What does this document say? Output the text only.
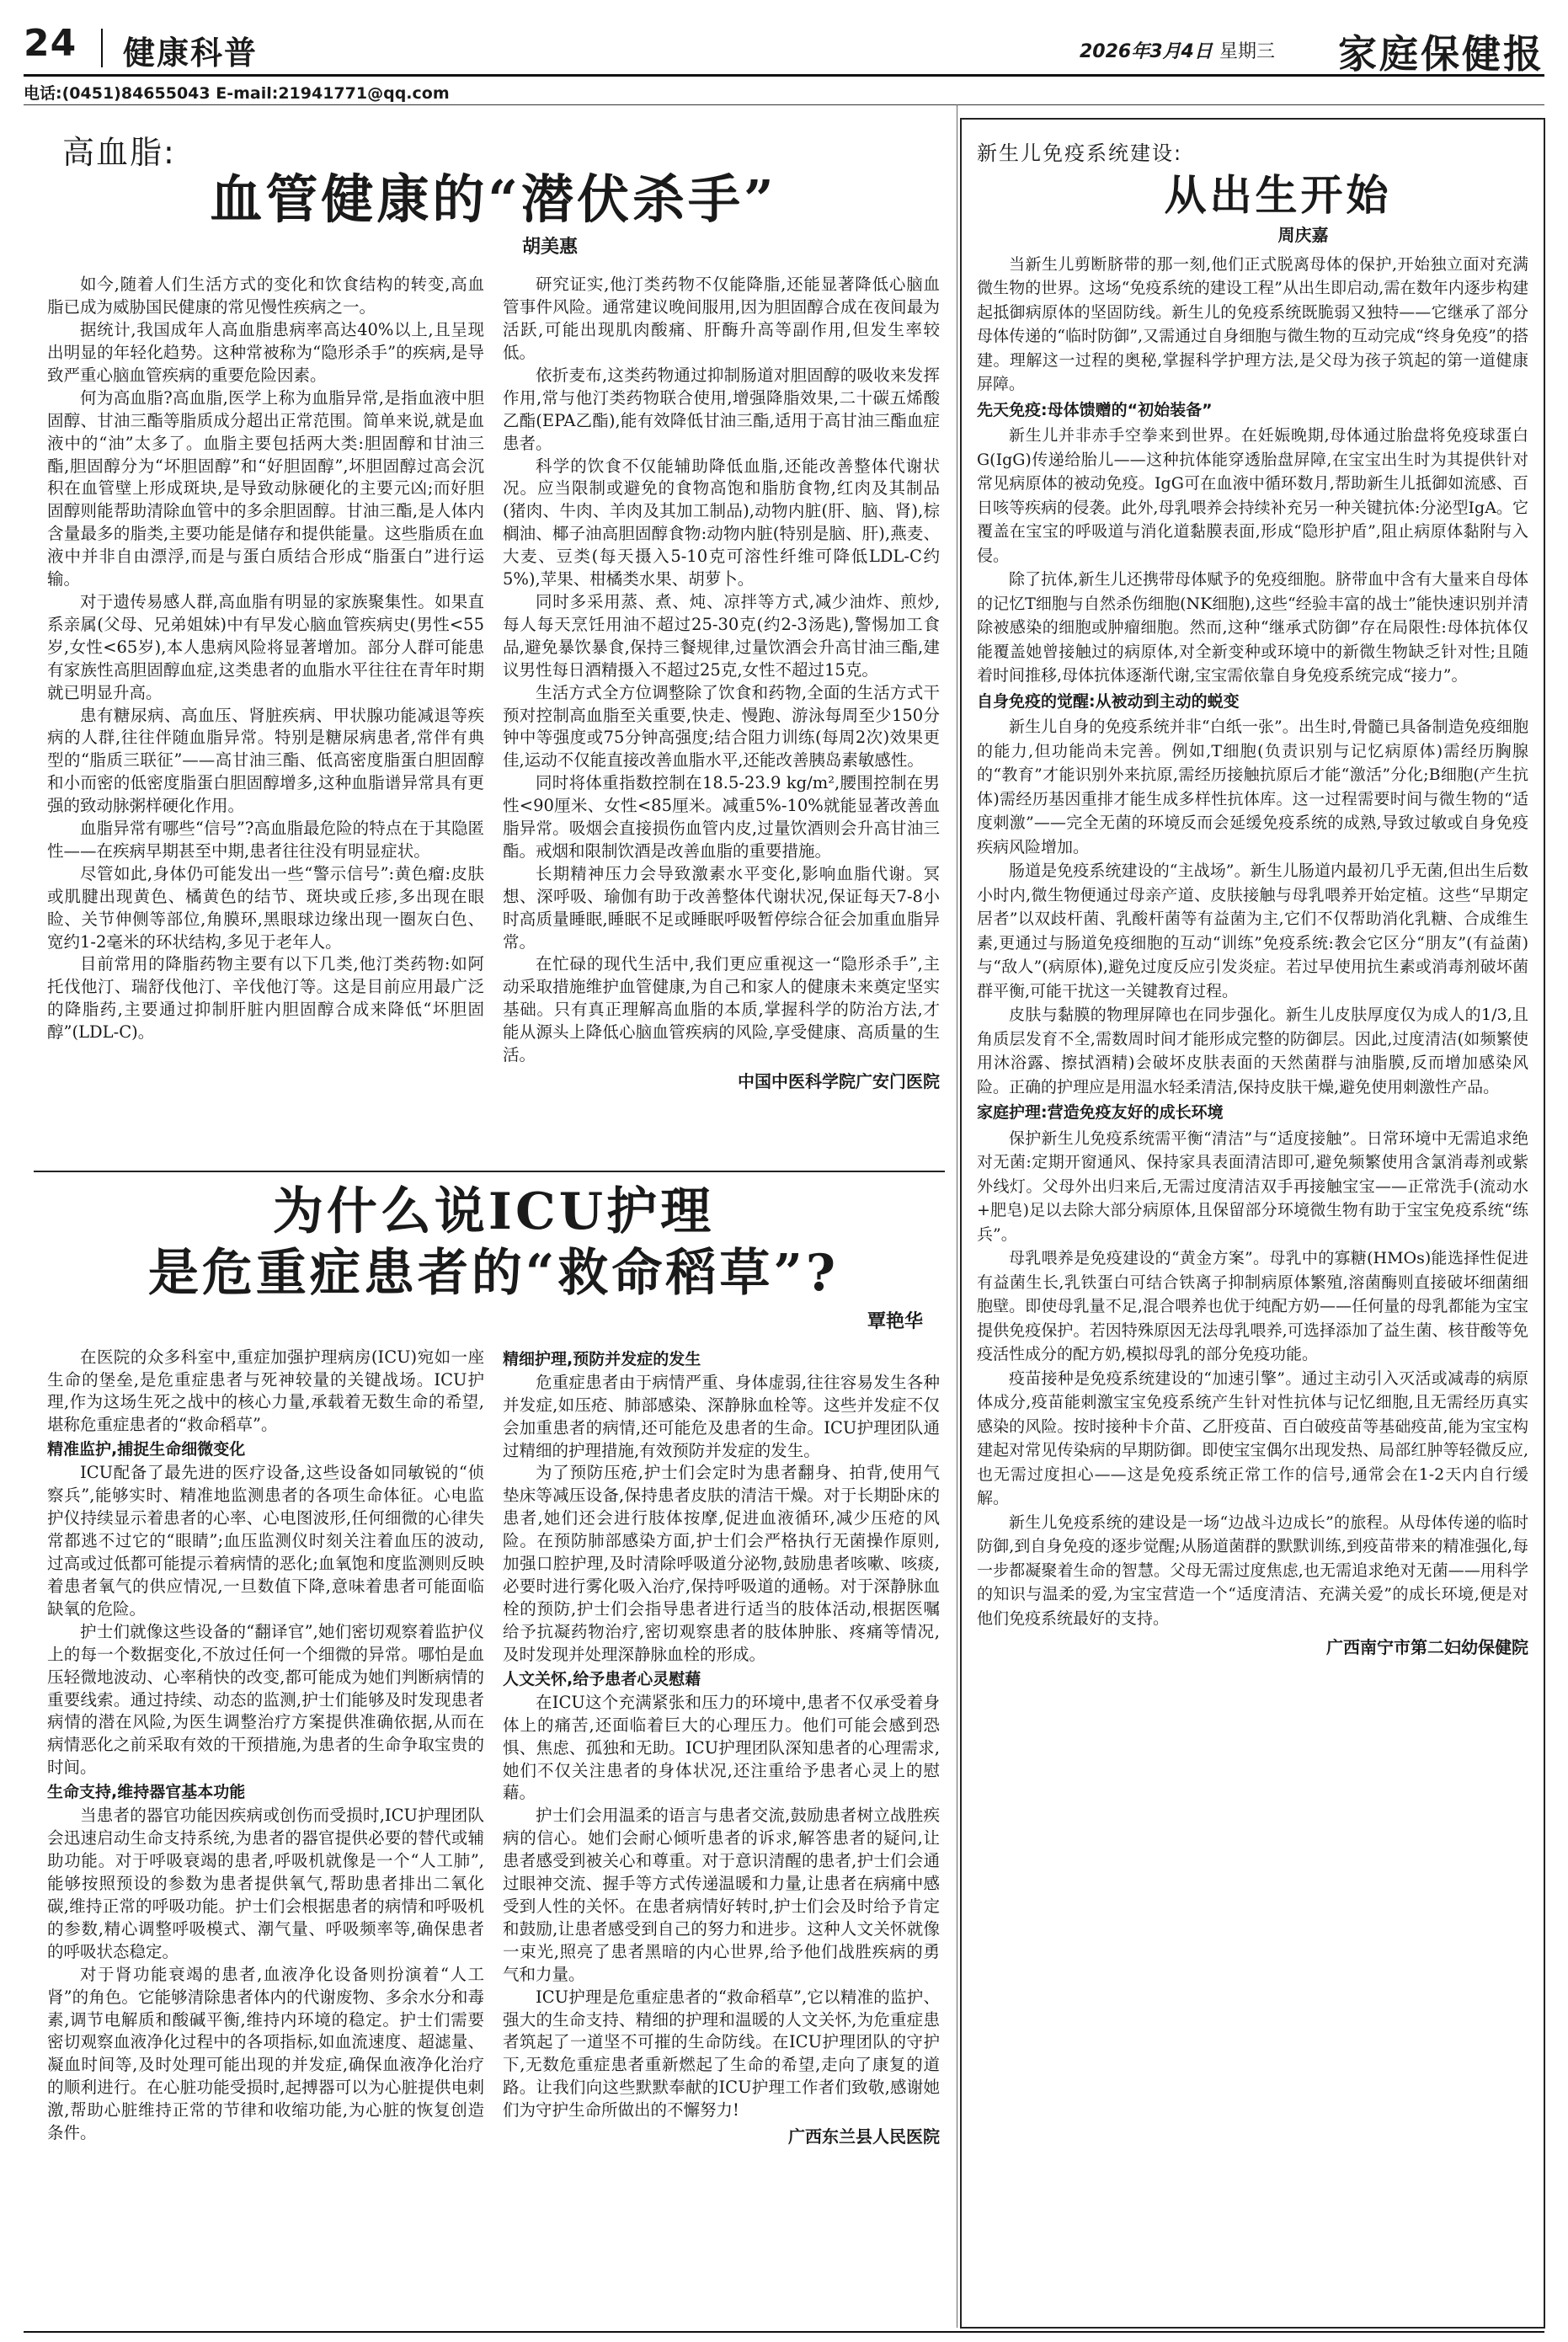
24 健康科普	2026年3月4日 星期三 家庭保健报
电话:(0451)84655043 E-mail:21941771@qq.com
高血脂:
血管健康的“潜伏杀手”
胡美惠

如今,随着人们生活方式的变化和饮食结构的转变,高血脂已成为威胁国民健康的常见慢性疾病之一。

据统计,我国成年人高血脂患病率高达40%以上,且呈现出明显的年轻化趋势。这种常被称为“隐形杀手”的疾病,是导致严重心脑血管疾病的重要危险因素。

何为高血脂?高血脂,医学上称为血脂异常,是指血液中胆固醇、甘油三酯等脂质成分超出正常范围。简单来说,就是血液中的“油”太多了。血脂主要包括两大类:胆固醇和甘油三酯,胆固醇分为“坏胆固醇”和“好胆固醇”,坏胆固醇过高会沉积在血管壁上形成斑块,是导致动脉硬化的主要元凶;而好胆固醇则能帮助清除血管中的多余胆固醇。甘油三酯,是人体内含量最多的脂类,主要功能是储存和提供能量。这些脂质在血液中并非自由漂浮,而是与蛋白质结合形成“脂蛋白”进行运输。

对于遗传易感人群,高血脂有明显的家族聚集性。如果直系亲属(父母、兄弟姐妹)中有早发心脑血管疾病史(男性<55岁,女性<65岁),本人患病风险将显著增加。部分人群可能患有家族性高胆固醇血症,这类患者的血脂水平往往在青年时期就已明显升高。

患有糖尿病、高血压、肾脏疾病、甲状腺功能减退等疾病的人群,往往伴随血脂异常。特别是糖尿病患者,常伴有典型的“脂质三联征”——高甘油三酯、低高密度脂蛋白胆固醇和小而密的低密度脂蛋白胆固醇增多,这种血脂谱异常具有更强的致动脉粥样硬化作用。

血脂异常有哪些“信号”?高血脂最危险的特点在于其隐匿性——在疾病早期甚至中期,患者往往没有明显症状。

尽管如此,身体仍可能发出一些“警示信号”:黄色瘤:皮肤或肌腱出现黄色、橘黄色的结节、斑块或丘疹,多出现在眼睑、关节伸侧等部位,角膜环,黑眼球边缘出现一圈灰白色、宽约1-2毫米的环状结构,多见于老年人。

目前常用的降脂药物主要有以下几类,他汀类药物:如阿托伐他汀、瑞舒伐他汀、辛伐他汀等。这是目前应用最广泛的降脂药,主要通过抑制肝脏内胆固醇合成来降低“坏胆固醇”(LDL-C)。

研究证实,他汀类药物不仅能降脂,还能显著降低心脑血管事件风险。通常建议晚间服用,因为胆固醇合成在夜间最为活跃,可能出现肌肉酸痛、肝酶升高等副作用,但发生率较低。

依折麦布,这类药物通过抑制肠道对胆固醇的吸收来发挥作用,常与他汀类药物联合使用,增强降脂效果,二十碳五烯酸乙酯(EPA乙酯),能有效降低甘油三酯,适用于高甘油三酯血症患者。

科学的饮食不仅能辅助降低血脂,还能改善整体代谢状况。应当限制或避免的食物高饱和脂肪食物,红肉及其制品(猪肉、牛肉、羊肉及其加工制品),动物内脏(肝、脑、肾),棕榈油、椰子油高胆固醇食物:动物内脏(特别是脑、肝),燕麦、大麦、豆类(每天摄入5-10克可溶性纤维可降低LDL-C约5%),苹果、柑橘类水果、胡萝卜。

同时多采用蒸、煮、炖、凉拌等方式,减少油炸、煎炒,每人每天烹饪用油不超过25-30克(约2-3汤匙),警惕加工食品,避免暴饮暴食,保持三餐规律,过量饮酒会升高甘油三酯,建议男性每日酒精摄入不超过25克,女性不超过15克。

生活方式全方位调整除了饮食和药物,全面的生活方式干预对控制高血脂至关重要,快走、慢跑、游泳每周至少150分钟中等强度或75分钟高强度;结合阻力训练(每周2次)效果更佳,运动不仅能直接改善血脂水平,还能改善胰岛素敏感性。

同时将体重指数控制在18.5-23.9 kg/m²,腰围控制在男性<90厘米、女性<85厘米。减重5%-10%就能显著改善血脂异常。吸烟会直接损伤血管内皮,过量饮酒则会升高甘油三酯。戒烟和限制饮酒是改善血脂的重要措施。

长期精神压力会导致激素水平变化,影响血脂代谢。冥想、深呼吸、瑜伽有助于改善整体代谢状况,保证每天7-8小时高质量睡眠,睡眠不足或睡眠呼吸暂停综合征会加重血脂异常。

在忙碌的现代生活中,我们更应重视这一“隐形杀手”,主动采取措施维护血管健康,为自己和家人的健康未来奠定坚实基础。只有真正理解高血脂的本质,掌握科学的防治方法,才能从源头上降低心脑血管疾病的风险,享受健康、高质量的生活。

中国中医科学院广安门医院
为什么说ICU护理
是危重症患者的“救命稻草”?
覃艳华

在医院的众多科室中,重症加强护理病房(ICU)宛如一座生命的堡垒,是危重症患者与死神较量的关键战场。ICU护理,作为这场生死之战中的核心力量,承载着无数生命的希望,堪称危重症患者的“救命稻草”。

精准监护,捕捉生命细微变化

ICU配备了最先进的医疗设备,这些设备如同敏锐的“侦察兵”,能够实时、精准地监测患者的各项生命体征。心电监护仪持续显示着患者的心率、心电图波形,任何细微的心律失常都逃不过它的“眼睛”;血压监测仪时刻关注着血压的波动,过高或过低都可能提示着病情的恶化;血氧饱和度监测则反映着患者氧气的供应情况,一旦数值下降,意味着患者可能面临缺氧的危险。

护士们就像这些设备的“翻译官”,她们密切观察着监护仪上的每一个数据变化,不放过任何一个细微的异常。哪怕是血压轻微地波动、心率稍快的改变,都可能成为她们判断病情的重要线索。通过持续、动态的监测,护士们能够及时发现患者病情的潜在风险,为医生调整治疗方案提供准确依据,从而在病情恶化之前采取有效的干预措施,为患者的生命争取宝贵的时间。

生命支持,维持器官基本功能

当患者的器官功能因疾病或创伤而受损时,ICU护理团队会迅速启动生命支持系统,为患者的器官提供必要的替代或辅助功能。对于呼吸衰竭的患者,呼吸机就像是一个“人工肺”,能够按照预设的参数为患者提供氧气,帮助患者排出二氧化碳,维持正常的呼吸功能。护士们会根据患者的病情和呼吸机的参数,精心调整呼吸模式、潮气量、呼吸频率等,确保患者的呼吸状态稳定。

对于肾功能衰竭的患者,血液净化设备则扮演着“人工肾”的角色。它能够清除患者体内的代谢废物、多余水分和毒素,调节电解质和酸碱平衡,维持内环境的稳定。护士们需要密切观察血液净化过程中的各项指标,如血流速度、超滤量、凝血时间等,及时处理可能出现的并发症,确保血液净化治疗的顺利进行。在心脏功能受损时,起搏器可以为心脏提供电刺激,帮助心脏维持正常的节律和收缩功能,为心脏的恢复创造条件。

精细护理,预防并发症的发生

危重症患者由于病情严重、身体虚弱,往往容易发生各种并发症,如压疮、肺部感染、深静脉血栓等。这些并发症不仅会加重患者的病情,还可能危及患者的生命。ICU护理团队通过精细的护理措施,有效预防并发症的发生。

为了预防压疮,护士们会定时为患者翻身、拍背,使用气垫床等减压设备,保持患者皮肤的清洁干燥。对于长期卧床的患者,她们还会进行肢体按摩,促进血液循环,减少压疮的风险。在预防肺部感染方面,护士们会严格执行无菌操作原则,加强口腔护理,及时清除呼吸道分泌物,鼓励患者咳嗽、咳痰,必要时进行雾化吸入治疗,保持呼吸道的通畅。对于深静脉血栓的预防,护士们会指导患者进行适当的肢体活动,根据医嘱给予抗凝药物治疗,密切观察患者的肢体肿胀、疼痛等情况,及时发现并处理深静脉血栓的形成。

人文关怀,给予患者心灵慰藉

在ICU这个充满紧张和压力的环境中,患者不仅承受着身体上的痛苦,还面临着巨大的心理压力。他们可能会感到恐惧、焦虑、孤独和无助。ICU护理团队深知患者的心理需求,她们不仅关注患者的身体状况,还注重给予患者心灵上的慰藉。

护士们会用温柔的语言与患者交流,鼓励患者树立战胜疾病的信心。她们会耐心倾听患者的诉求,解答患者的疑问,让患者感受到被关心和尊重。对于意识清醒的患者,护士们会通过眼神交流、握手等方式传递温暖和力量,让患者在病痛中感受到人性的关怀。在患者病情好转时,护士们会及时给予肯定和鼓励,让患者感受到自己的努力和进步。这种人文关怀就像一束光,照亮了患者黑暗的内心世界,给予他们战胜疾病的勇气和力量。

ICU护理是危重症患者的“救命稻草”,它以精准的监护、强大的生命支持、精细的护理和温暖的人文关怀,为危重症患者筑起了一道坚不可摧的生命防线。在ICU护理团队的守护下,无数危重症患者重新燃起了生命的希望,走向了康复的道路。让我们向这些默默奉献的ICU护理工作者们致敬,感谢她们为守护生命所做出的不懈努力!

广西东兰县人民医院
新生儿免疫系统建设:
从出生开始
周庆嘉

当新生儿剪断脐带的那一刻,他们正式脱离母体的保护,开始独立面对充满微生物的世界。这场“免疫系统的建设工程”从出生即启动,需在数年内逐步构建起抵御病原体的坚固防线。新生儿的免疫系统既脆弱又独特——它继承了部分母体传递的“临时防御”,又需通过自身细胞与微生物的互动完成“终身免疫”的搭建。理解这一过程的奥秘,掌握科学护理方法,是父母为孩子筑起的第一道健康屏障。

先天免疫:母体馈赠的“初始装备”

新生儿并非赤手空拳来到世界。在妊娠晚期,母体通过胎盘将免疫球蛋白G(IgG)传递给胎儿——这种抗体能穿透胎盘屏障,在宝宝出生时为其提供针对常见病原体的被动免疫。IgG可在血液中循环数月,帮助新生儿抵御如流感、百日咳等疾病的侵袭。此外,母乳喂养会持续补充另一种关键抗体:分泌型IgA。它覆盖在宝宝的呼吸道与消化道黏膜表面,形成“隐形护盾”,阻止病原体黏附与入侵。

除了抗体,新生儿还携带母体赋予的免疫细胞。脐带血中含有大量来自母体的记忆T细胞与自然杀伤细胞(NK细胞),这些“经验丰富的战士”能快速识别并清除被感染的细胞或肿瘤细胞。然而,这种“继承式防御”存在局限性:母体抗体仅能覆盖她曾接触过的病原体,对全新变种或环境中的新微生物缺乏针对性;且随着时间推移,母体抗体逐渐代谢,宝宝需依靠自身免疫系统完成“接力”。

自身免疫的觉醒:从被动到主动的蜕变

新生儿自身的免疫系统并非“白纸一张”。出生时,骨髓已具备制造免疫细胞的能力,但功能尚未完善。例如,T细胞(负责识别与记忆病原体)需经历胸腺的“教育”才能识别外来抗原,需经历接触抗原后才能“激活”分化;B细胞(产生抗体)需经历基因重排才能生成多样性抗体库。这一过程需要时间与微生物的“适度刺激”——完全无菌的环境反而会延缓免疫系统的成熟,导致过敏或自身免疫疾病风险增加。

肠道是免疫系统建设的“主战场”。新生儿肠道内最初几乎无菌,但出生后数小时内,微生物便通过母亲产道、皮肤接触与母乳喂养开始定植。这些“早期定居者”以双歧杆菌、乳酸杆菌等有益菌为主,它们不仅帮助消化乳糖、合成维生素,更通过与肠道免疫细胞的互动“训练”免疫系统:教会它区分“朋友”(有益菌)与“敌人”(病原体),避免过度反应引发炎症。若过早使用抗生素或消毒剂破坏菌群平衡,可能干扰这一关键教育过程。

皮肤与黏膜的物理屏障也在同步强化。新生儿皮肤厚度仅为成人的1/3,且角质层发育不全,需数周时间才能形成完整的防御层。因此,过度清洁(如频繁使用沐浴露、擦拭酒精)会破坏皮肤表面的天然菌群与油脂膜,反而增加感染风险。正确的护理应是用温水轻柔清洁,保持皮肤干燥,避免使用刺激性产品。

家庭护理:营造免疫友好的成长环境

保护新生儿免疫系统需平衡“清洁”与“适度接触”。日常环境中无需追求绝对无菌:定期开窗通风、保持家具表面清洁即可,避免频繁使用含氯消毒剂或紫外线灯。父母外出归来后,无需过度清洁双手再接触宝宝——正常洗手(流动水+肥皂)足以去除大部分病原体,且保留部分环境微生物有助于宝宝免疫系统“练兵”。

母乳喂养是免疫建设的“黄金方案”。母乳中的寡糖(HMOs)能选择性促进有益菌生长,乳铁蛋白可结合铁离子抑制病原体繁殖,溶菌酶则直接破坏细菌细胞壁。即使母乳量不足,混合喂养也优于纯配方奶——任何量的母乳都能为宝宝提供免疫保护。若因特殊原因无法母乳喂养,可选择添加了益生菌、核苷酸等免疫活性成分的配方奶,模拟母乳的部分免疫功能。

疫苗接种是免疫系统建设的“加速引擎”。通过主动引入灭活或减毒的病原体成分,疫苗能刺激宝宝免疫系统产生针对性抗体与记忆细胞,且无需经历真实感染的风险。按时接种卡介苗、乙肝疫苗、百白破疫苗等基础疫苗,能为宝宝构建起对常见传染病的早期防御。即使宝宝偶尔出现发热、局部红肿等轻微反应,也无需过度担心——这是免疫系统正常工作的信号,通常会在1-2天内自行缓解。

新生儿免疫系统的建设是一场“边战斗边成长”的旅程。从母体传递的临时防御,到自身免疫的逐步觉醒;从肠道菌群的默默训练,到疫苗带来的精准强化,每一步都凝聚着生命的智慧。父母无需过度焦虑,也无需追求绝对无菌——用科学的知识与温柔的爱,为宝宝营造一个“适度清洁、充满关爱”的成长环境,便是对他们免疫系统最好的支持。

广西南宁市第二妇幼保健院
